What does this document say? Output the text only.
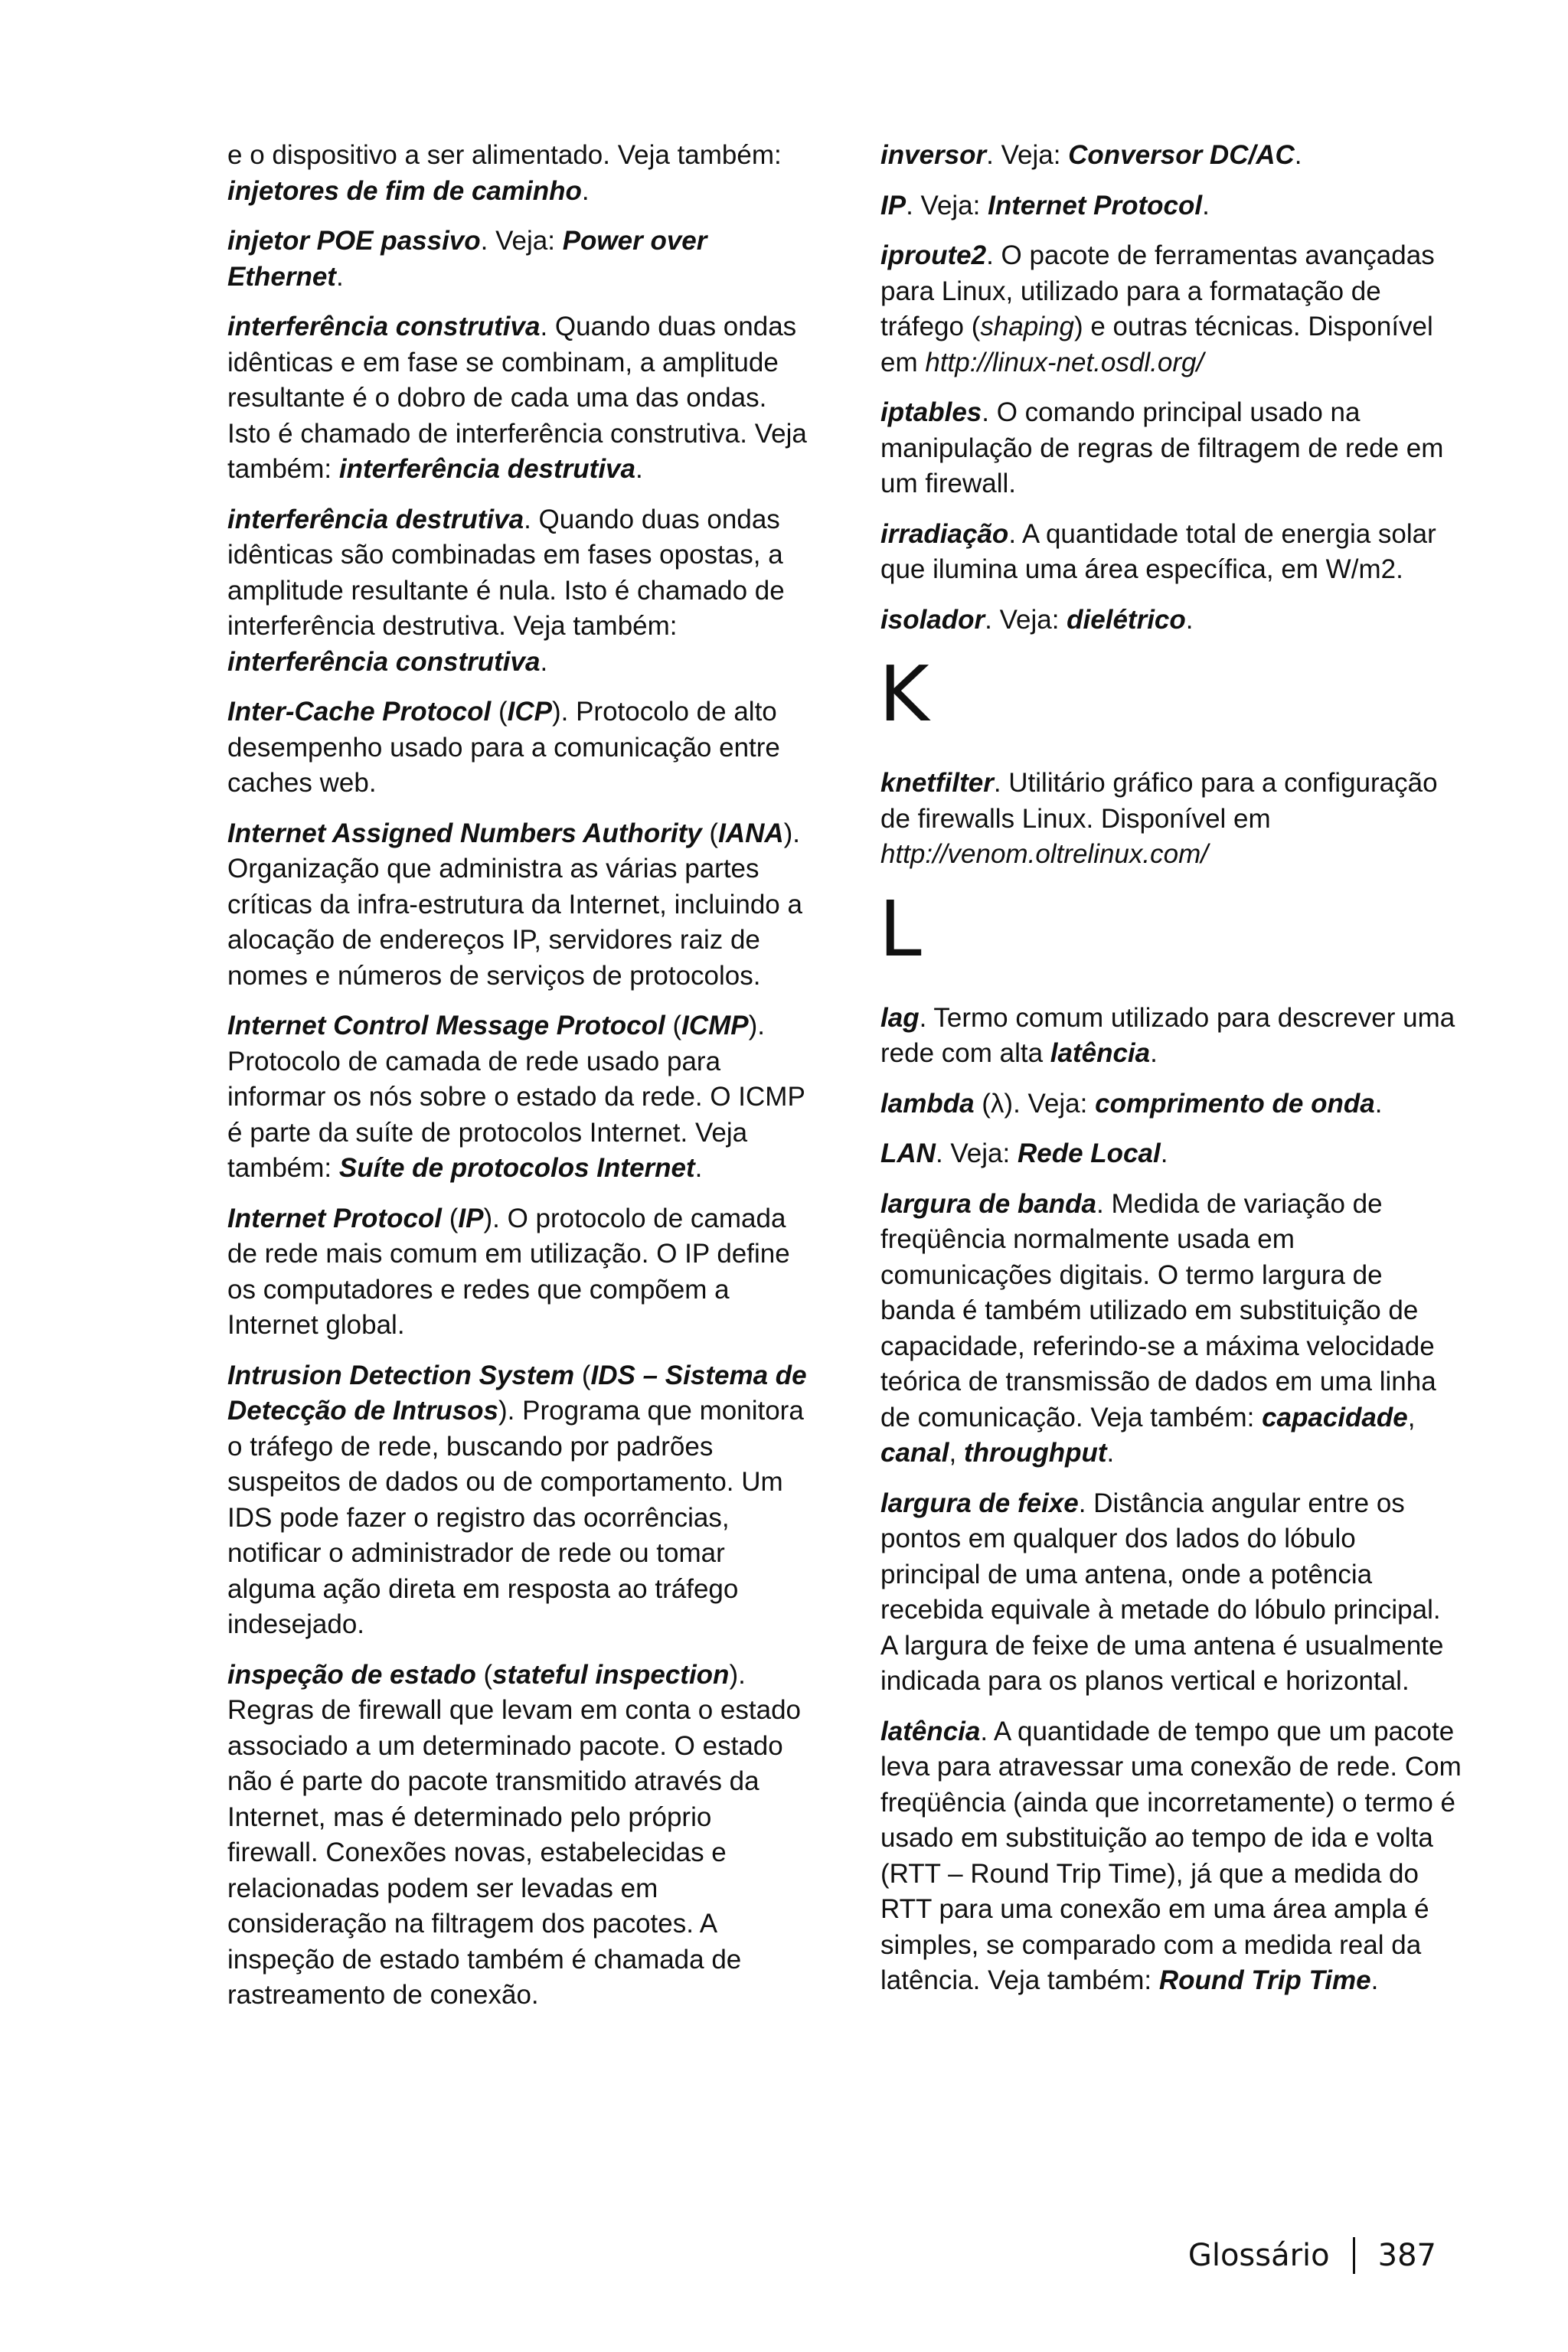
e o dispositivo a ser alimentado. Veja também: injetores de fim de caminho.

injetor POE passivo. Veja: Power over Ethernet.

interferência construtiva. Quando duas ondas idênticas e em fase se combinam, a amplitude resultante é o dobro de cada uma das ondas. Isto é chamado de interferência construtiva. Veja também: interferência destrutiva.

interferência destrutiva. Quando duas ondas idênticas são combinadas em fases opostas, a amplitude resultante é nula. Isto é chamado de interferência destrutiva. Veja também: interferência construtiva.

Inter-Cache Protocol (ICP). Protocolo de alto desempenho usado para a comunicação entre caches web.

Internet Assigned Numbers Authority (IANA). Organização que administra as várias partes críticas da infra-estrutura da Internet, incluindo a alocação de endereços IP, servidores raiz de nomes e números de serviços de protocolos.

Internet Control Message Protocol (ICMP). Protocolo de camada de rede usado para informar os nós sobre o estado da rede. O ICMP é parte da suíte de protocolos Internet. Veja também: Suíte de protocolos Internet.

Internet Protocol (IP). O protocolo de camada de rede mais comum em utilização. O IP define os computadores e redes que compõem a Internet global.

Intrusion Detection System (IDS – Sistema de Detecção de Intrusos). Programa que monitora o tráfego de rede, buscando por padrões suspeitos de dados ou de comportamento. Um IDS pode fazer o registro das ocorrências, notificar o administrador de rede ou tomar alguma ação direta em resposta ao tráfego indesejado.

inspeção de estado (stateful inspection). Regras de firewall que levam em conta o estado associado a um determinado pacote. O estado não é parte do pacote transmitido através da Internet, mas é determinado pelo próprio firewall. Conexões novas, estabelecidas e relacionadas podem ser levadas em consideração na filtragem dos pacotes. A inspeção de estado também é chamada de rastreamento de conexão.

inversor. Veja: Conversor DC/AC.

IP. Veja: Internet Protocol.

iproute2. O pacote de ferramentas avançadas para Linux, utilizado para a formatação de tráfego (shaping) e outras técnicas. Disponível em http://linux-net.osdl.org/

iptables. O comando principal usado na manipulação de regras de filtragem de rede em um firewall.

irradiação. A quantidade total de energia solar que ilumina uma área específica, em W/m2.

isolador. Veja: dielétrico.

K

knetfilter. Utilitário gráfico para a configuração de firewalls Linux. Disponível em http://venom.oltrelinux.com/

L

lag. Termo comum utilizado para descrever uma rede com alta latência.

lambda (λ). Veja: comprimento de onda.

LAN. Veja: Rede Local.

largura de banda. Medida de variação de freqüência normalmente usada em comunicações digitais. O termo largura de banda é também utilizado em substituição de capacidade, referindo-se a máxima velocidade teórica de transmissão de dados em uma linha de comunicação. Veja também: capacidade, canal, throughput.

largura de feixe. Distância angular entre os pontos em qualquer dos lados do lóbulo principal de uma antena, onde a potência recebida equivale à metade do lóbulo principal. A largura de feixe de uma antena é usualmente indicada para os planos vertical e horizontal.

latência. A quantidade de tempo que um pacote leva para atravessar uma conexão de rede. Com freqüência (ainda que incorretamente) o termo é usado em substituição ao tempo de ida e volta (RTT – Round Trip Time), já que a medida do RTT para uma conexão em uma área ampla é simples, se comparado com a medida real da latência. Veja também: Round Trip Time.

Glossário 387
